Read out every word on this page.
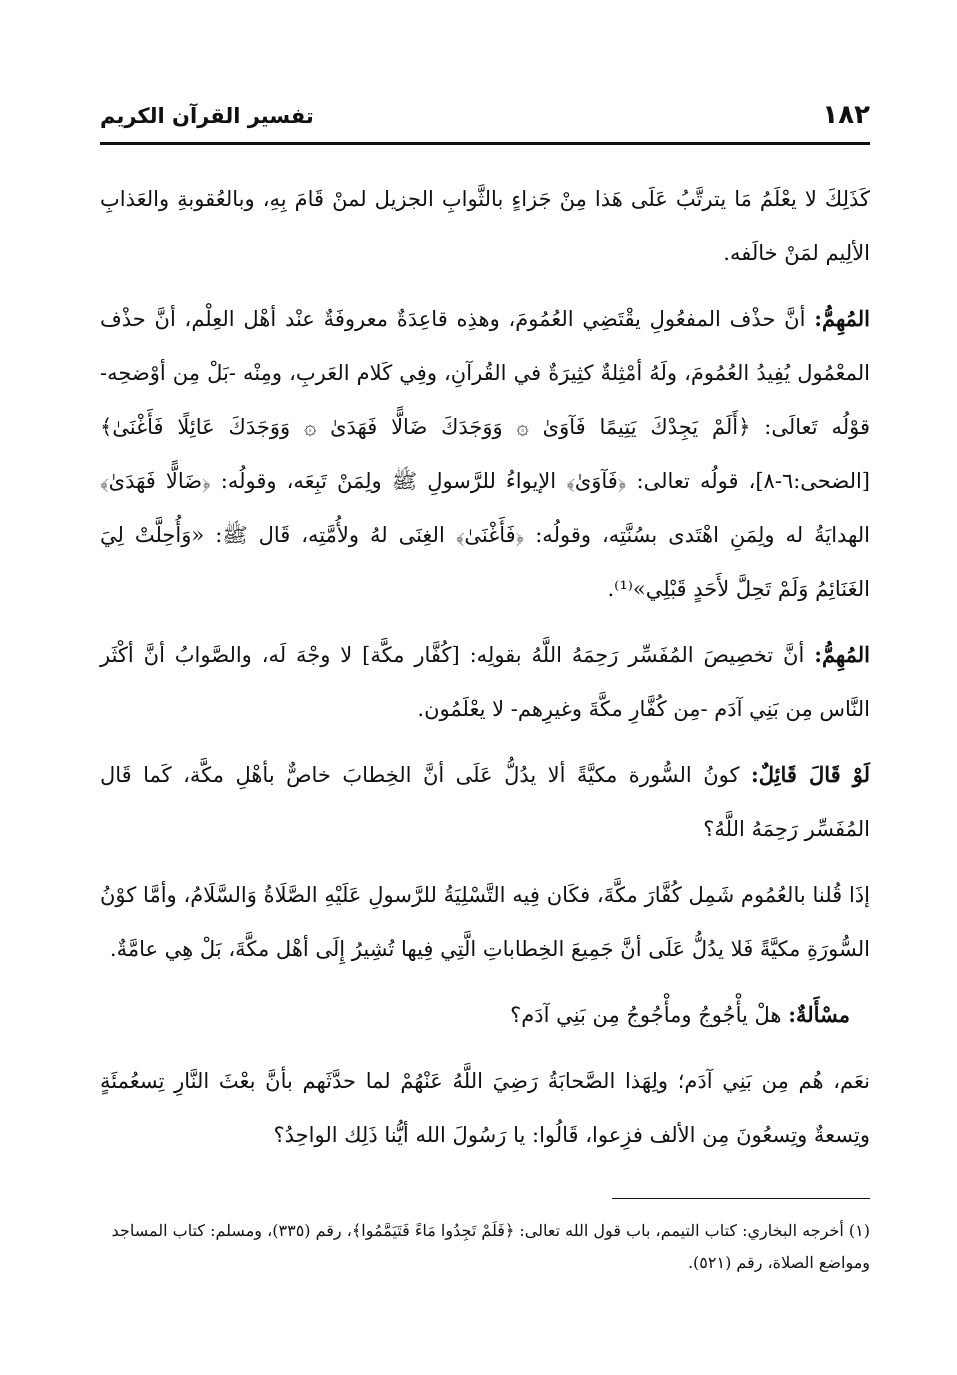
١٨٢
تفسير القرآن الكريم

كَذَلِكَ لا يعْلَمُ مَا يترتَّبُ عَلَى هَذا مِنْ جَزاءٍ بالثَّوابِ الجزيل لمنْ قَامَ بِهِ، وبالعُقوبةِ والعَذابِ الألِيم لمَنْ خالَفه.

المُهِمُّ: أنَّ حذْف المفعُولِ يقْتَضِي العُمُومَ، وهذِه قاعِدَةٌ معروفَةٌ عنْد أهْل العِلْم، أنَّ حذْف المعْمُول يُفِيدُ العُمُومَ، ولَهُ أمْثِلةٌ كثِيرَةٌ في القُرآنِ، وفِي كَلام العَربِ، ومِنْه -بَلْ مِن أوْضحِه- قوْلُه تَعالَى: ﴿أَلَمْ يَجِدْكَ يَتِيمًا فَآوَىٰ ۞ وَوَجَدَكَ ضَالًّا فَهَدَىٰ ۞ وَوَجَدَكَ عَائِلًا فَأَغْنَىٰ﴾ [الضحى:٦-٨]، قولُه تعالى: ﴿فَآوَىٰ﴾ الإيواءُ للرَّسولِ ﷺ ولِمَنْ تَبِعَه، وقولُه: ﴿ضَالًّا فَهَدَىٰ﴾ الهدايَةُ له ولِمَنِ اهْتَدى بسُنَّتِه، وقولُه: ﴿فَأَغْنَىٰ﴾ الغِنَى لهُ ولأُمَّتِه، قَال ﷺ: «وَأُحِلَّتْ لِيَ الغَنَائِمُ وَلَمْ تَحِلَّ لأَحَدٍ قَبْلِي»⁽¹⁾.

المُهِمُّ: أنَّ تخصِيصَ المُفَسِّر رَحِمَهُ اللَّهُ بقولِه: [كُفَّار مكَّة] لا وجْهَ لَه، والصَّوابُ أنَّ أكْثَر النَّاس مِن بَنِي آدَم -مِن كُفَّارِ مكَّةَ وغيرِهم- لا يعْلَمُون.

لَوْ قَالَ قَائِلٌ: كونُ السُّورة مكيَّةً ألا يدُلُّ عَلَى أنَّ الخِطابَ خاصٌّ بأهْلِ مكَّة، كَما قَال المُفَسِّر رَحِمَهُ اللَّهُ؟

إذَا قُلنا بالعُمُوم شَمِل كُفَّارَ مكَّةَ، فكَان فِيه التَّسْلِيَةُ للرَّسولِ عَلَيْهِ الصَّلَاةُ وَالسَّلَامُ، وأمَّا كوْنُ السُّورَةِ مكيَّةً فَلا يدُلُّ عَلَى أنَّ جَمِيعَ الخِطاباتِ الَّتِي فِيها تُشِيرُ إِلَى أهْل مكَّةَ، بَلْ هِي عامَّةٌ.

مسْأَلةٌ: هلْ يأْجُوجُ ومأْجُوجُ مِن بَنِي آدَم؟

نعَم، هُم مِن بَنِي آدَم؛ ولِهَذا الصَّحابَةُ رَضِيَ اللَّهُ عَنْهُمْ لما حدَّثَهم بأنَّ بعْثَ النَّارِ تِسعُمئَةٍ وتِسعةٌ وتِسعُونَ مِن الألف فزِعوا، قَالُوا: يا رَسُولَ الله أيُّنا ذَلِك الواحِدُ؟

(١) أخرجه البخاري: كتاب التيمم، باب قول الله تعالى: ﴿فَلَمْ تَجِدُوا مَاءً فَتَيَمَّمُوا﴾، رقم (٣٣٥)، ومسلم: كتاب المساجد ومواضع الصلاة، رقم (٥٢١).
